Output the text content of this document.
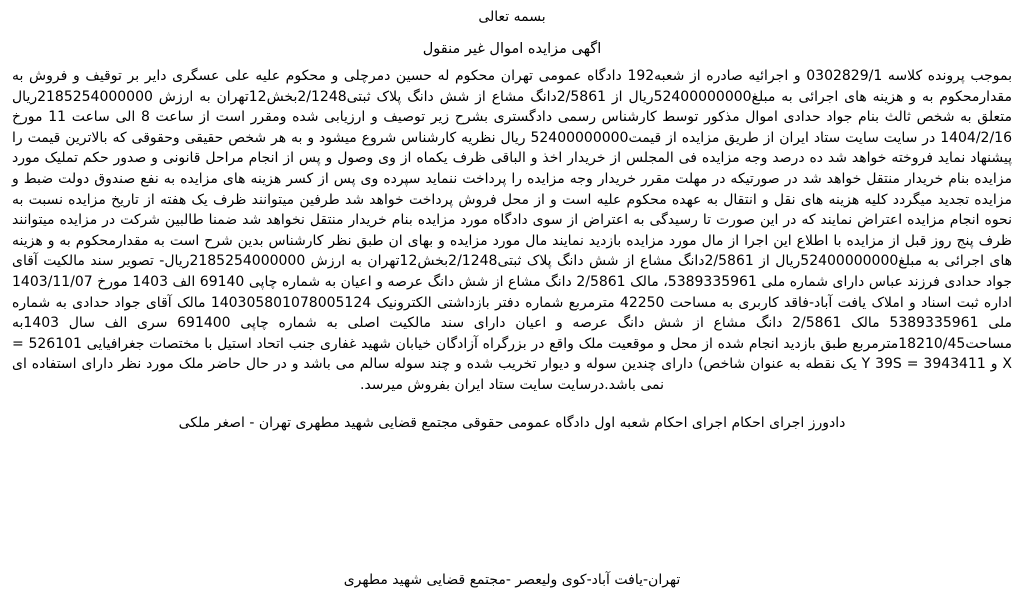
بسمه تعالی
اگهی مزایده اموال غیر منقول
بموجب پرونده کلاسه 0302829/1 و اجرائیه صادره از شعبه192 دادگاه عمومی تهران محکوم له حسین دمرچلی و محکوم علیه علی عسگری دایر بر توقیف و فروش به مقدارمحکوم به و هزینه های اجرائی به مبلغ52400000000ریال از 2/5861دانگ مشاع از شش دانگ پلاک ثبتی2/1248بخش12تهران به ارزش 2185254000000ریال متعلق به شخص ثالث بنام جواد حدادی اموال مذکور توسط کارشناس رسمی دادگستری بشرح زیر توصیف و ارزیابی شده ومقرر است از ساعت 8 الی ساعت 11 مورخ 1404/2/16 در سایت سایت ستاد ایران از طریق مزایده از قیمت52400000000 ریال نظریه کارشناس شروع میشود و به هر شخص حقیقی وحقوقی که بالاترین قیمت را پیشنهاد نماید فروخته خواهد شد ده درصد وجه مزایده فی المجلس از خریدار اخذ و الباقی ظرف یکماه از وی وصول و پس از انجام مراحل قانونی و صدور حکم تملیک مورد مزایده بنام خریدار منتقل خواهد شد در صورتیکه در مهلت مقرر خریدار وجه مزایده را پرداخت ننماید سپرده وی پس از کسر هزینه های مزایده به نفع صندوق دولت ضبط و مزایده تجدید میگردد کلیه هزینه های نقل و انتقال به عهده محکوم علیه است و از محل فروش پرداخت خواهد شد طرفین میتوانند ظرف یک هفته از تاریخ مزایده نسبت به نحوه انجام مزایده اعتراض نمایند که در این صورت تا رسیدگی به اعتراض از سوی دادگاه مورد مزایده بنام خریدار منتقل نخواهد شد ضمنا طالبین شرکت در مزایده میتوانند ظرف پنج روز قبل از مزایده با اطلاع این اجرا از مال مورد مزایده بازدید نمایند مال مورد مزایده و بهای ان طبق نظر کارشناس بدین شرح است به مقدارمحکوم به و هزینه های اجرائی به مبلغ52400000000ریال از 2/5861دانگ مشاع از شش دانگ پلاک ثبتی2/1248بخش12تهران به ارزش 2185254000000ریال- تصویر سند مالکیت آقای جواد حدادی فرزند عباس دارای شماره ملی 5389335961، مالک 2/5861 دانگ مشاع از شش دانگ عرصه و اعیان به شماره چاپی 69140 الف 1403 مورخ 1403/11/07 اداره ثبت اسناد و املاک یافت آباد-فاقد کاربری به مساحت 42250 مترمربع شماره دفتر بازداشتی الکترونیک 140305801078005124 مالک آقای جواد حدادی به شماره ملی 5389335961 مالک 2/5861 دانگ مشاع از شش دانگ عرصه و اعیان دارای سند مالکیت اصلی به شماره چاپی 691400 سری الف سال 1403به مساحت18210/45مترمربع طبق بازدید انجام شده از محل و موقعیت ملک واقع در بزرگراه آزادگان خیابان شهید غفاری جنب اتحاد استیل با مختصات جغرافیایی 526101 = X و 3943411 = Y 39S یک نقطه به عنوان شاخص) دارای چندین سوله و دیوار تخریب شده و چند سوله سالم می باشد و در حال حاضر ملک مورد نظر دارای استفاده ای نمی باشد.درسایت سایت ستاد ایران بفروش میرسد.
دادورز اجرای احکام اجرای احکام شعبه اول دادگاه عمومی حقوقی مجتمع قضایی شهید مطهری تهران - اصغر ملکی
تهران-یافت آباد-کوی ولیعصر -مجتمع قضایی شهید مطهری
